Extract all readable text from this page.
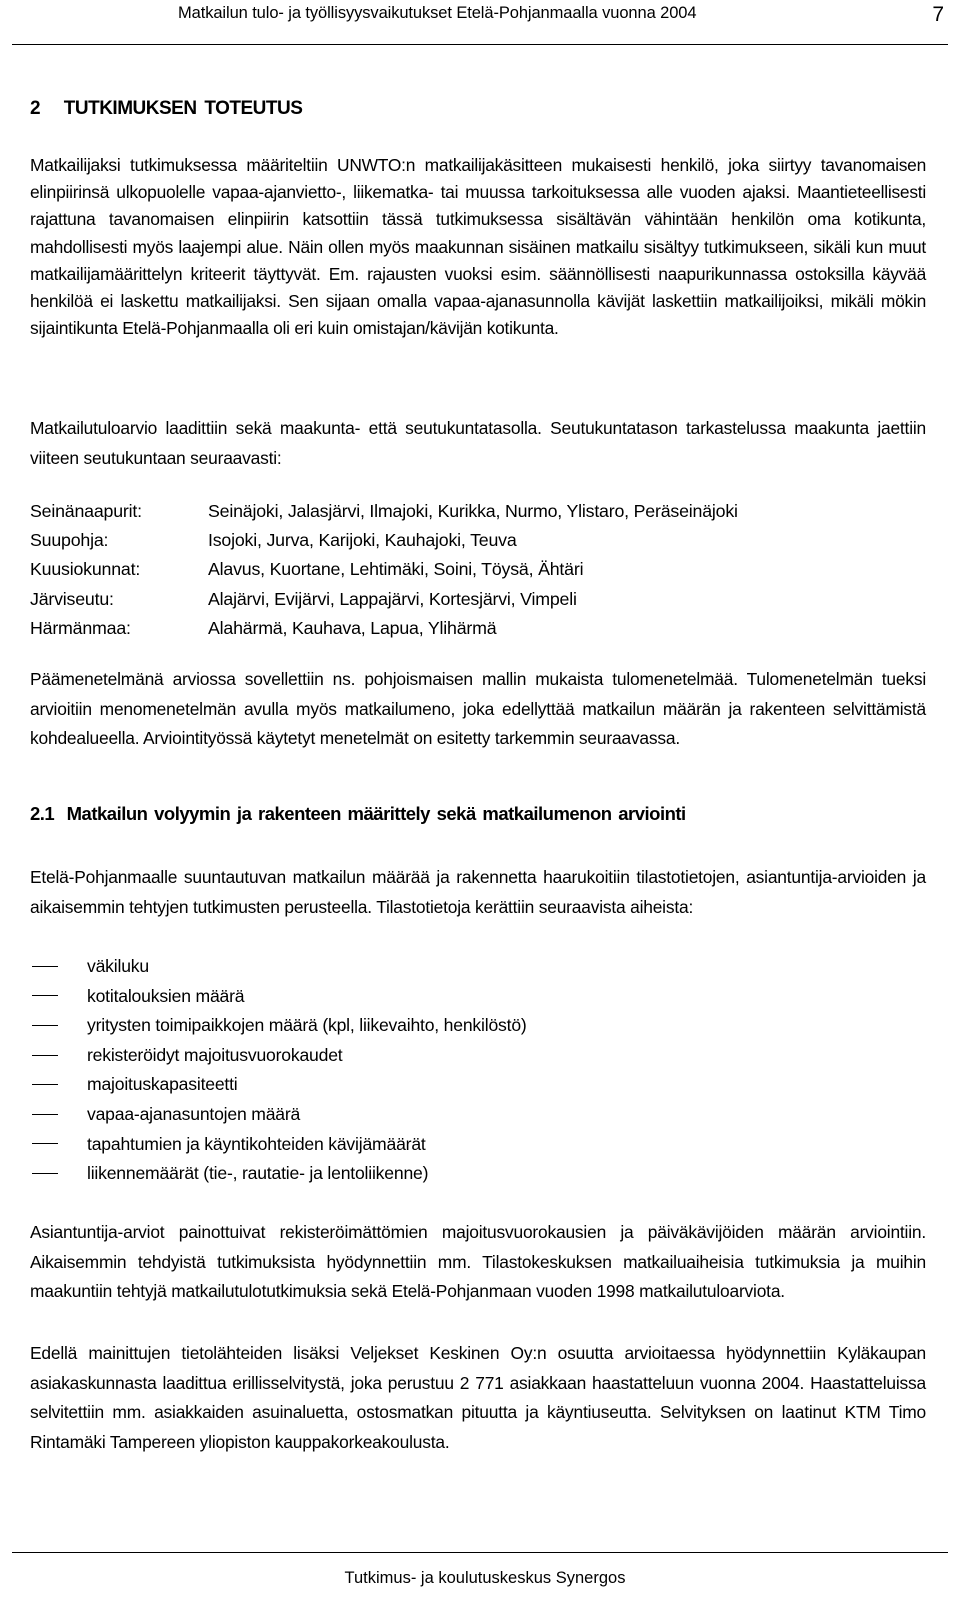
Matkailun tulo- ja työllisyysvaikutukset Etelä-Pohjanmaalla vuonna 2004	7
2 TUTKIMUKSEN TOTEUTUS

Matkailijaksi tutkimuksessa määriteltiin UNWTO:n matkailijakäsitteen mukaisesti henkilö, joka siirtyy tavanomaisen elinpiirinsä ulkopuolelle vapaa-ajanvietto-, liikematka- tai muussa tarkoituksessa alle vuoden ajaksi. Maantieteellisesti rajattuna tavanomaisen elinpiirin katsottiin tässä tutkimuksessa sisältävän vähintään henkilön oma kotikunta, mahdollisesti myös laajempi alue. Näin ollen myös maakunnan sisäinen matkailu sisältyy tutkimukseen, sikäli kun muut matkailijamäärittelyn kriteerit täyttyvät. Em. rajausten vuoksi esim. säännöllisesti naapurikunnassa ostoksilla käyvää henkilöä ei laskettu matkailijaksi. Sen sijaan omalla vapaa-ajanasunnolla kävijät laskettiin matkailijoiksi, mikäli mökin sijaintikunta Etelä-Pohjanmaalla oli eri kuin omistajan/kävijän kotikunta.

Matkailutuloarvio laadittiin sekä maakunta- että seutukuntatasolla. Seutukuntatason tarkastelussa maakunta jaettiin viiteen seutukuntaan seuraavasti:

Seinänaapurit:	Seinäjoki, Jalasjärvi, Ilmajoki, Kurikka, Nurmo, Ylistaro, Peräseinäjoki
Suupohja:	Isojoki, Jurva, Karijoki, Kauhajoki, Teuva
Kuusiokunnat:	Alavus, Kuortane, Lehtimäki, Soini, Töysä, Ähtäri
Järviseutu:	Alajärvi, Evijärvi, Lappajärvi, Kortesjärvi, Vimpeli
Härmänmaa:	Alahärmä, Kauhava, Lapua, Ylihärmä

Päämenetelmänä arviossa sovellettiin ns. pohjoismaisen mallin mukaista tulomenetelmää. Tulomenetelmän tueksi arvioitiin menomenetelmän avulla myös matkailumeno, joka edellyttää matkailun määrän ja rakenteen selvittämistä kohdealueella. Arviointityössä käytetyt menetelmät on esitetty tarkemmin seuraavassa.

2.1 Matkailun volyymin ja rakenteen määrittely sekä matkailumenon arviointi

Etelä-Pohjanmaalle suuntautuvan matkailun määrää ja rakennetta haarukoitiin tilastotietojen, asiantuntija-arvioiden ja aikaisemmin tehtyjen tutkimusten perusteella. Tilastotietoja kerättiin seuraavista aiheista:

väkiluku
kotitalouksien määrä
yritysten toimipaikkojen määrä (kpl, liikevaihto, henkilöstö)
rekisteröidyt majoitusvuorokaudet
majoituskapasiteetti
vapaa-ajanasuntojen määrä
tapahtumien ja käyntikohteiden kävijämäärät
liikennemäärät (tie-, rautatie- ja lentoliikenne)

Asiantuntija-arviot painottuivat rekisteröimättömien majoitusvuorokausien ja päiväkävijöiden määrän arviointiin. Aikaisemmin tehdyistä tutkimuksista hyödynnettiin mm. Tilastokeskuksen matkailuaiheisia tutkimuksia ja muihin maakuntiin tehtyjä matkailutulotutkimuksia sekä Etelä-Pohjanmaan vuoden 1998 matkailutuloarviota.

Edellä mainittujen tietolähteiden lisäksi Veljekset Keskinen Oy:n osuutta arvioitaessa hyödynnettiin Kyläkaupan asiakaskunnasta laadittua erillisselvitystä, joka perustuu 2 771 asiakkaan haastatteluun vuonna 2004. Haastatteluissa selvitettiin mm. asiakkaiden asuinaluetta, ostosmatkan pituutta ja käyntiuseutta. Selvityksen on laatinut KTM Timo Rintamäki Tampereen yliopiston kauppakorkeakoulusta.

Tutkimus- ja koulutuskeskus Synergos
